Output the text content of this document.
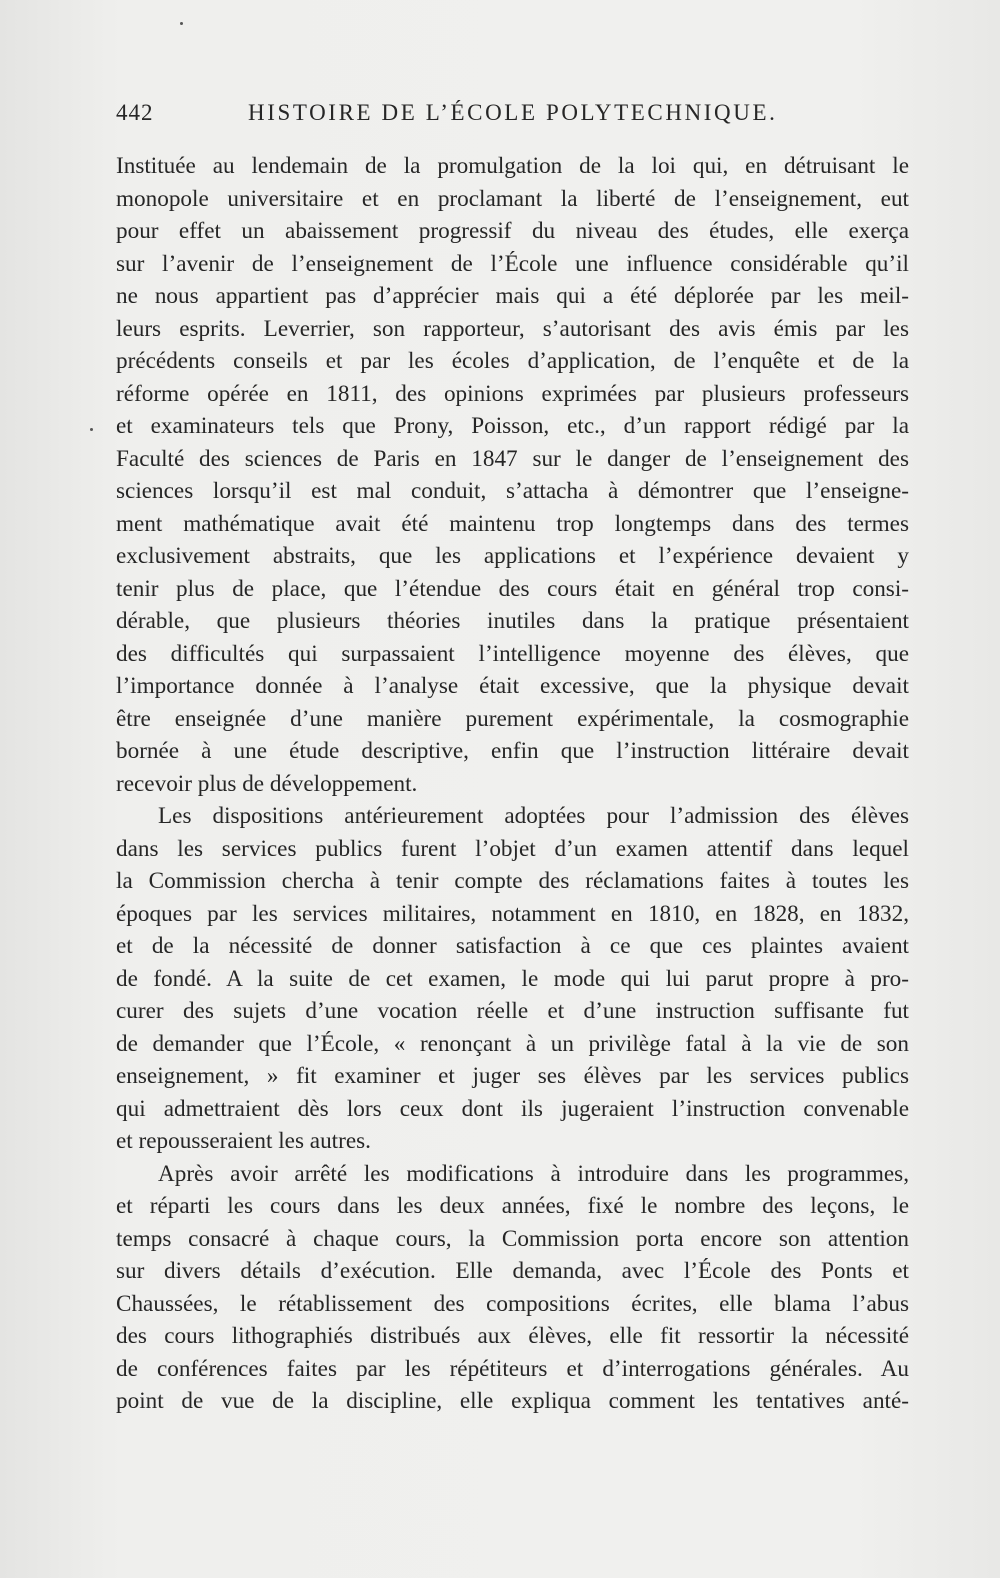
442	HISTOIRE DE L’ÉCOLE POLYTECHNIQUE.
Instituée au lendemain de la promulgation de la loi qui, en détruisant le
monopole universitaire et en proclamant la liberté de l’enseignement, eut
pour effet un abaissement progressif du niveau des études, elle exerça
sur l’avenir de l’enseignement de l’École une influence considérable qu’il
ne nous appartient pas d’apprécier mais qui a été déplorée par les meil-
leurs esprits. Leverrier, son rapporteur, s’autorisant des avis émis par les
précédents conseils et par les écoles d’application, de l’enquête et de la
réforme opérée en 1811, des opinions exprimées par plusieurs professeurs
et examinateurs tels que Prony, Poisson, etc., d’un rapport rédigé par la
Faculté des sciences de Paris en 1847 sur le danger de l’enseignement des
sciences lorsqu’il est mal conduit, s’attacha à démontrer que l’enseigne-
ment mathématique avait été maintenu trop longtemps dans des termes
exclusivement abstraits, que les applications et l’expérience devaient y
tenir plus de place, que l’étendue des cours était en général trop consi-
dérable, que plusieurs théories inutiles dans la pratique présentaient
des difficultés qui surpassaient l’intelligence moyenne des élèves, que
l’importance donnée à l’analyse était excessive, que la physique devait
être enseignée d’une manière purement expérimentale, la cosmographie
bornée à une étude descriptive, enfin que l’instruction littéraire devait
recevoir plus de développement.
Les dispositions antérieurement adoptées pour l’admission des élèves
dans les services publics furent l’objet d’un examen attentif dans lequel
la Commission chercha à tenir compte des réclamations faites à toutes les
époques par les services militaires, notamment en 1810, en 1828, en 1832,
et de la nécessité de donner satisfaction à ce que ces plaintes avaient
de fondé. A la suite de cet examen, le mode qui lui parut propre à pro-
curer des sujets d’une vocation réelle et d’une instruction suffisante fut
de demander que l’École, « renonçant à un privilège fatal à la vie de son
enseignement, » fit examiner et juger ses élèves par les services publics
qui admettraient dès lors ceux dont ils jugeraient l’instruction convenable
et repousseraient les autres.
Après avoir arrêté les modifications à introduire dans les programmes,
et réparti les cours dans les deux années, fixé le nombre des leçons, le
temps consacré à chaque cours, la Commission porta encore son attention
sur divers détails d’exécution. Elle demanda, avec l’École des Ponts et
Chaussées, le rétablissement des compositions écrites, elle blama l’abus
des cours lithographiés distribués aux élèves, elle fit ressortir la nécessité
de conférences faites par les répétiteurs et d’interrogations générales. Au
point de vue de la discipline, elle expliqua comment les tentatives anté-
